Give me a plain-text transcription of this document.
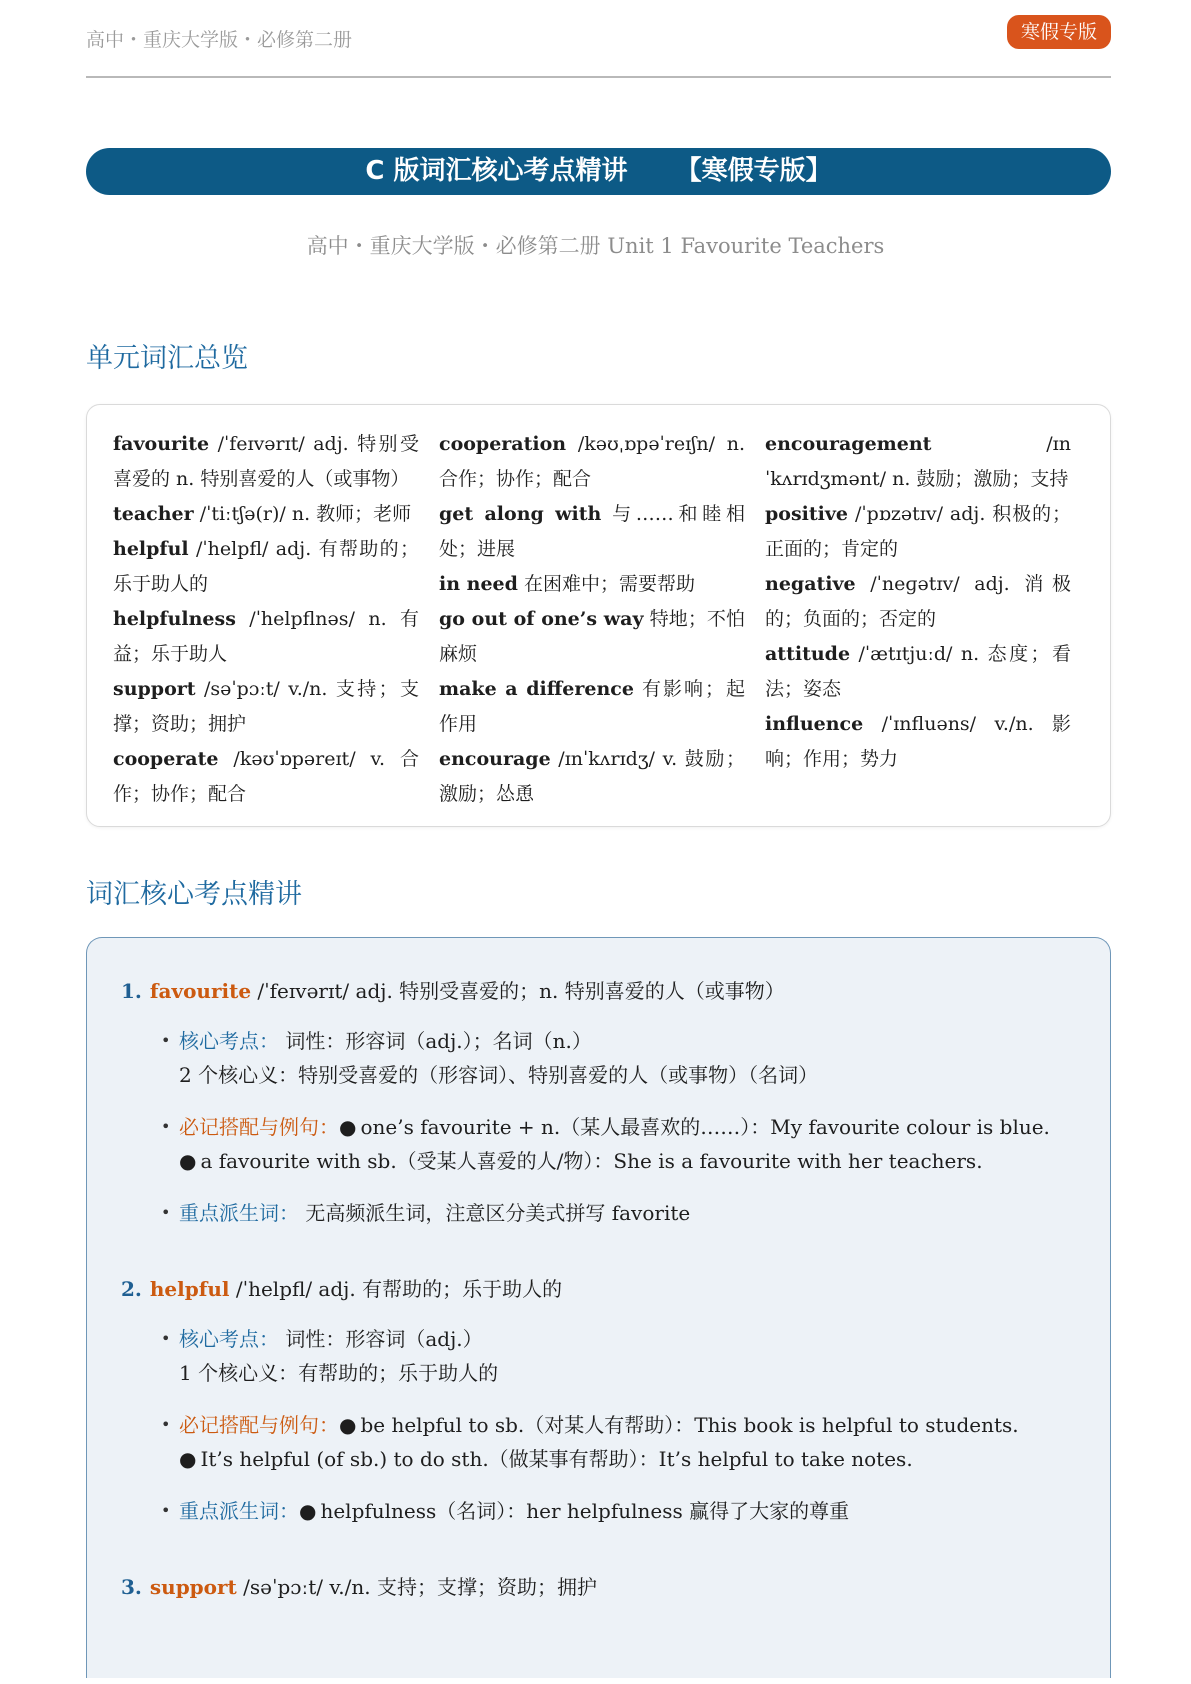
高中・重庆大学版・必修第二册	寒假专版
C 版词汇核心考点精讲 【寒假专版】
高中・重庆大学版・必修第二册 Unit 1 Favourite Teachers
单元词汇总览
favourite /ˈfeɪvərɪt/ adj. 特别受喜爱的 n. 特别喜爱的人（或事物）
teacher /ˈtiːtʃə(r)/ n. 教师；老师
helpful /ˈhelpfl/ adj. 有帮助的；乐于助人的
helpfulness /ˈhelpflnəs/ n. 有益；乐于助人
support /səˈpɔːt/ v./n. 支持；支撑；资助；拥护
cooperate /kəʊˈɒpəreɪt/ v. 合作；协作；配合
cooperation /kəʊˌɒpəˈreɪʃn/ n. 合作；协作；配合
get along with 与……和睦相处；进展
in need 在困难中；需要帮助
go out of one’s way 特地；不怕麻烦
make a difference 有影响；起作用
encourage /ɪnˈkʌrɪdʒ/ v. 鼓励；激励；怂恿
encouragement /ɪnˈkʌrɪdʒmənt/ n. 鼓励；激励；支持
positive /ˈpɒzətɪv/ adj. 积极的；正面的；肯定的
negative /ˈneɡətɪv/ adj. 消极的；负面的；否定的
attitude /ˈætɪtjuːd/ n. 态度；看法；姿态
influence /ˈɪnfluəns/ v./n. 影响；作用；势力
词汇核心考点精讲
1. favourite /ˈfeɪvərɪt/ adj. 特别受喜爱的；n. 特别喜爱的人（或事物）
• 核心考点： 词性：形容词（adj.）；名词（n.）
2 个核心义：特别受喜爱的（形容词）、特别喜爱的人（或事物）（名词）
• 必记搭配与例句：● one’s favourite + n.（某人最喜欢的……）：My favourite colour is blue.
● a favourite with sb.（受某人喜爱的人/物）：She is a favourite with her teachers.
• 重点派生词： 无高频派生词，注意区分美式拼写 favorite
2. helpful /ˈhelpfl/ adj. 有帮助的；乐于助人的
• 核心考点： 词性：形容词（adj.）
1 个核心义：有帮助的；乐于助人的
• 必记搭配与例句：● be helpful to sb.（对某人有帮助）：This book is helpful to students.
● It’s helpful (of sb.) to do sth.（做某事有帮助）：It’s helpful to take notes.
• 重点派生词：● helpfulness（名词）：her helpfulness 赢得了大家的尊重
3. support /səˈpɔːt/ v./n. 支持；支撑；资助；拥护
